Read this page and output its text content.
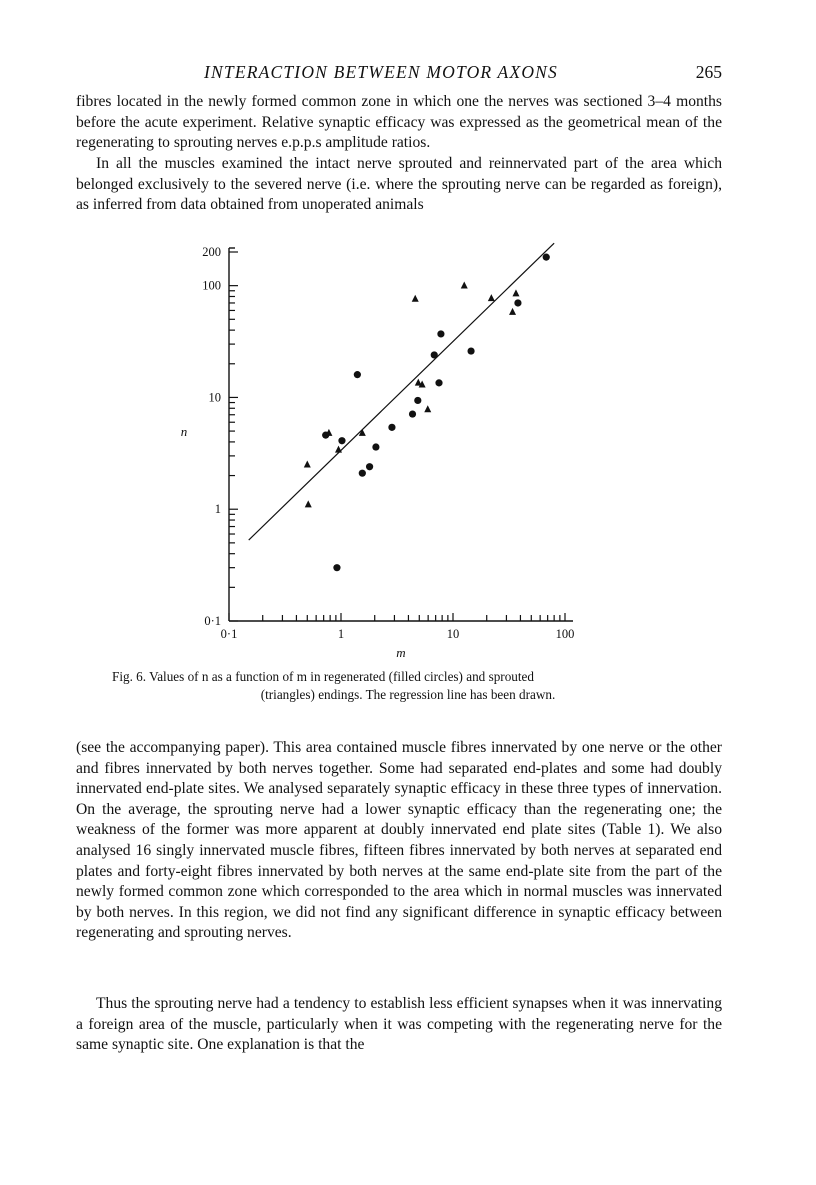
INTERACTION BETWEEN MOTOR AXONS	265

fibres located in the newly formed common zone in which one the nerves was sectioned 3–4 months before the acute experiment. Relative synaptic efficacy was expressed as the geometrical mean of the regenerating to sprouting nerves e.p.p.s amplitude ratios.

In all the muscles examined the intact nerve sprouted and reinnervated part of the area which belonged exclusively to the severed nerve (i.e. where the sprouting nerve can be regarded as foreign), as inferred from data obtained from unoperated animals

0·1	1	10	100
0·1
1
10
100
200
m
n

Fig. 6. Values of n as a function of m in regenerated (filled circles) and sprouted
(triangles) endings. The regression line has been drawn.

(see the accompanying paper). This area contained muscle fibres innervated by one nerve or the other and fibres innervated by both nerves together. Some had separated end-plates and some had doubly innervated end-plate sites. We analysed separately synaptic efficacy in these three types of innervation. On the average, the sprouting nerve had a lower synaptic efficacy than the regenerating one; the weakness of the former was more apparent at doubly innervated end plate sites (Table 1). We also analysed 16 singly innervated muscle fibres, fifteen fibres innervated by both nerves at separated end plates and forty-eight fibres innervated by both nerves at the same end-plate site from the part of the newly formed common zone which corresponded to the area which in normal muscles was innervated by both nerves. In this region, we did not find any significant difference in synaptic efficacy between regenerating and sprouting nerves.

Thus the sprouting nerve had a tendency to establish less efficient synapses when it was innervating a foreign area of the muscle, particularly when it was competing with the regenerating nerve for the same synaptic site. One explanation is that the
